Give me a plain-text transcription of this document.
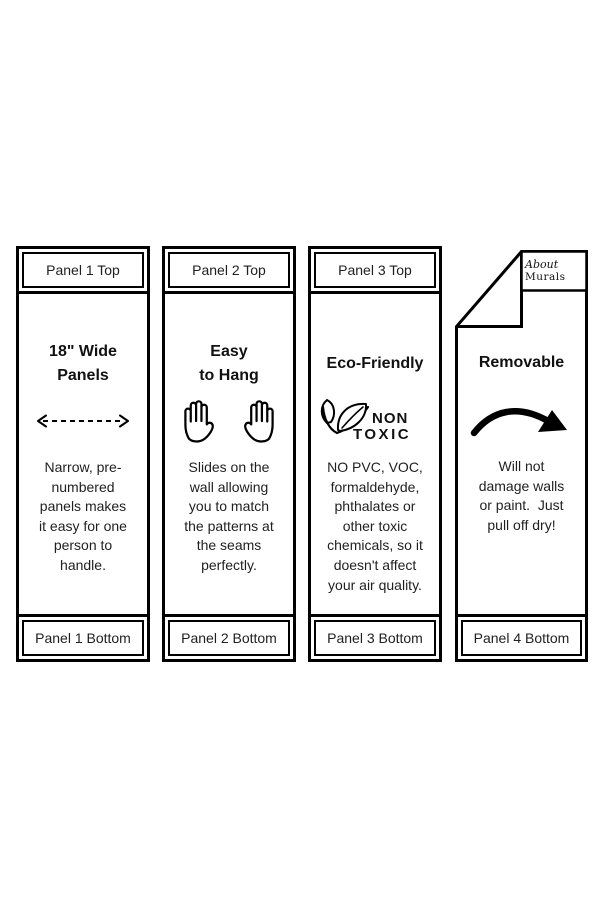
Panel 1 Top
18" Wide
Panels
Narrow, pre-
numbered
panels makes
it easy for one
person to
handle.
Panel 1 Bottom
Panel 2 Top
Easy
to Hang
Slides on the
wall allowing
you to match
the patterns at
the seams
perfectly.
Panel 2 Bottom
Panel 3 Top
Eco-Friendly
NON
TOXIC
NO PVC, VOC,
formaldehyde,
phthalates or
other toxic
chemicals, so it
doesn't affect
your air quality.
Panel 3 Bottom
About
Murals
Removable
Will not
damage walls
or paint.  Just
pull off dry!
Panel 4 Bottom
